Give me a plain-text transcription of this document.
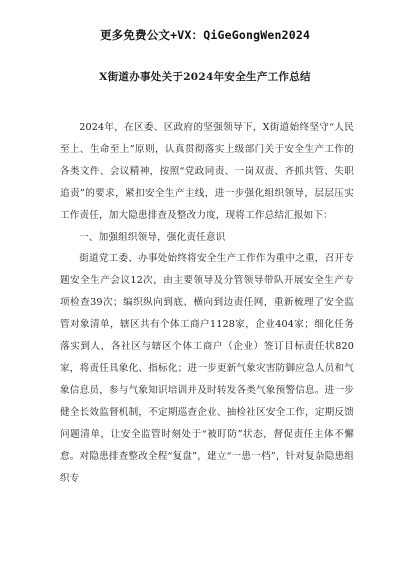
更多免费公文+VX：QiGeGongWen2024
X街道办事处关于2024年安全生产工作总结

2024年，在区委、区政府的坚强领导下，X街道始终坚守“人民至上、生命至上”原则，认真贯彻落实上级部门关于安全生产工作的各类文件、会议精神，按照“党政同责、一岗双责、齐抓共管、失职追责”的要求，紧扣安全生产主线，进一步强化组织领导，层层压实工作责任，加大隐患排查及整改力度，现将工作总结汇报如下：

一、加强组织领导，强化责任意识

街道党工委、办事处始终将安全生产工作作为重中之重，召开专题安全生产会议12次，由主要领导及分管领导带队开展安全生产专项检查39次；编织纵向到底、横向到边责任网，重新梳理了安全监管对象清单，辖区共有个体工商户1128家，企业404家；细化任务落实到人，各社区与辖区个体工商户（企业）签订目标责任状820家，将责任具象化、指标化；进一步更新气象灾害防御应急人员和气象信息员，参与气象知识培训并及时转发各类气象预警信息。进一步健全长效监督机制，不定期巡查企业、抽检社区安全工作，定期反馈问题清单，让安全监管时刻处于“被盯防”状态，督促责任主体不懈怠。对隐患排查整改全程“复盘”，建立“一患一档”，针对复杂隐患组织专
